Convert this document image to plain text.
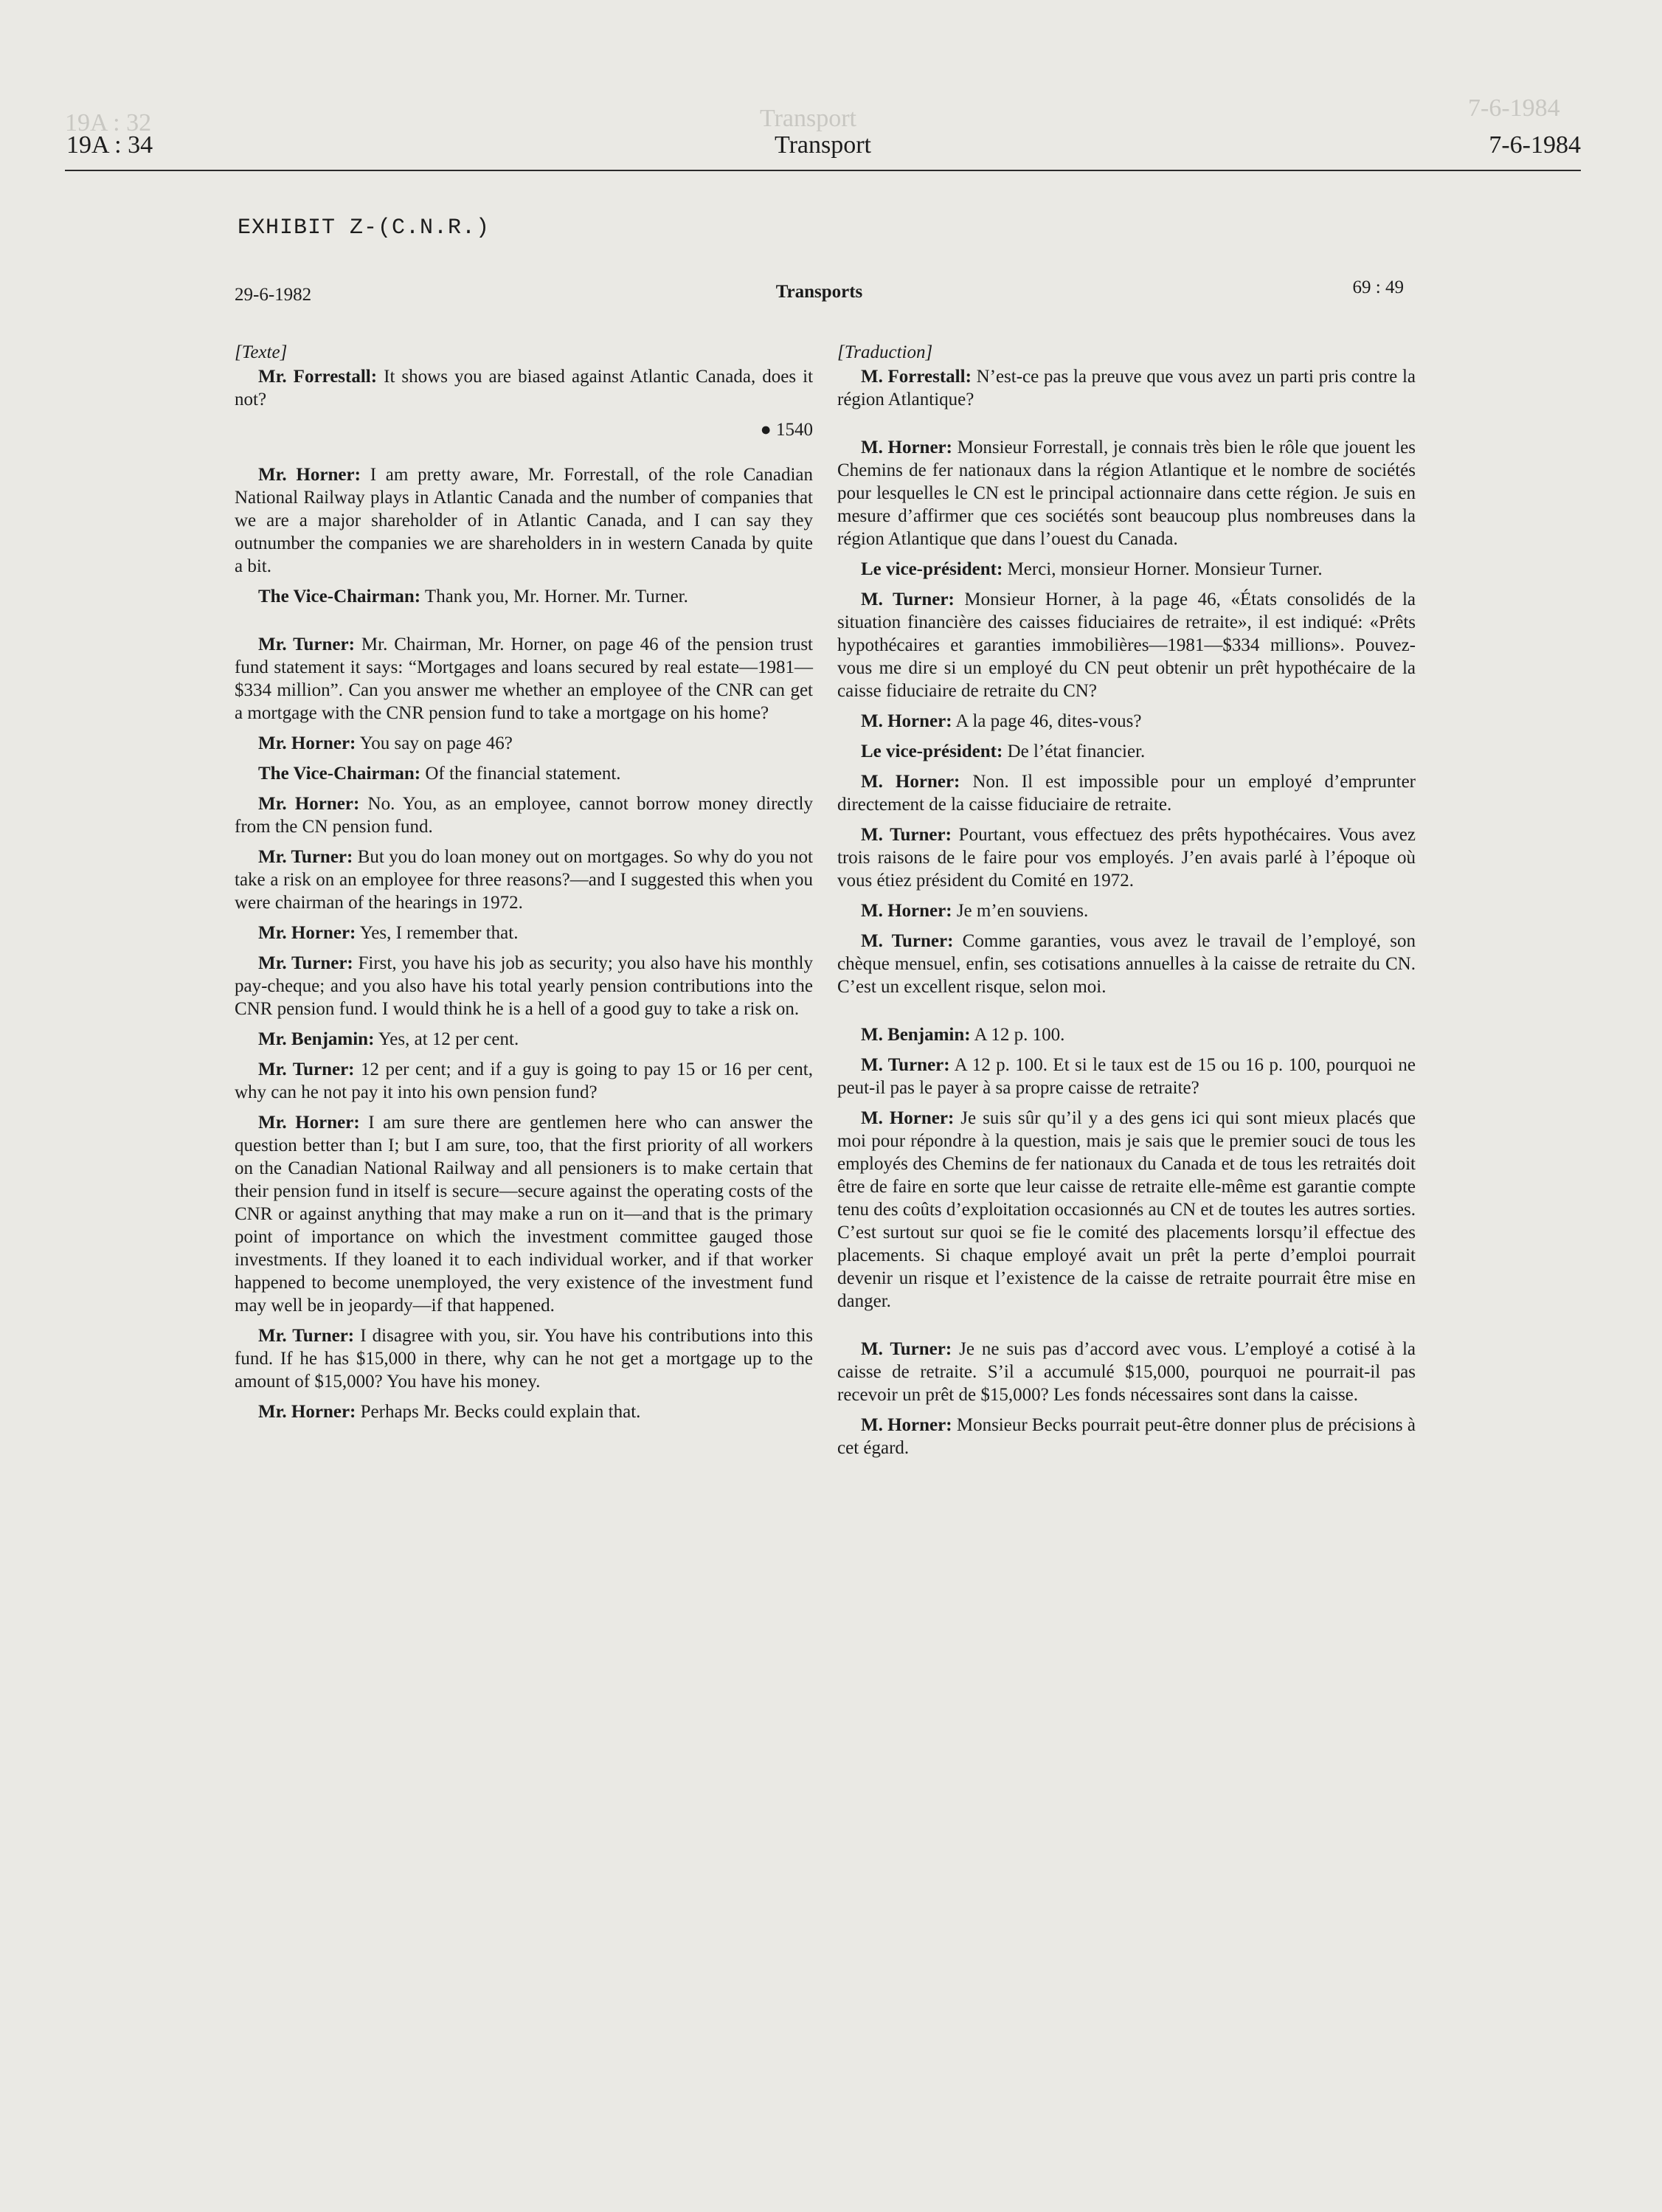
19A : 32	Transport	7-6-1984
19A : 34	Transport	7-6-1984
EXHIBIT Z-(C.N.R.)
29-6-1982	Transports	69 : 49
[Texte]

Mr. Forrestall: It shows you are biased against Atlantic Canada, does it not?

● 1540

Mr. Horner: I am pretty aware, Mr. Forrestall, of the role Canadian National Railway plays in Atlantic Canada and the number of companies that we are a major shareholder of in Atlantic Canada, and I can say they outnumber the companies we are shareholders in in western Canada by quite a bit.

The Vice-Chairman: Thank you, Mr. Horner. Mr. Turner.

Mr. Turner: Mr. Chairman, Mr. Horner, on page 46 of the pension trust fund statement it says: “Mortgages and loans secured by real estate—1981— $334 million”. Can you answer me whether an employee of the CNR can get a mortgage with the CNR pension fund to take a mortgage on his home?

Mr. Horner: You say on page 46?

The Vice-Chairman: Of the financial statement.

Mr. Horner: No. You, as an employee, cannot borrow money directly from the CN pension fund.

Mr. Turner: But you do loan money out on mortgages. So why do you not take a risk on an employee for three reasons?—and I suggested this when you were chairman of the hearings in 1972.

Mr. Horner: Yes, I remember that.

Mr. Turner: First, you have his job as security; you also have his monthly pay-cheque; and you also have his total yearly pension contributions into the CNR pension fund. I would think he is a hell of a good guy to take a risk on.

Mr. Benjamin: Yes, at 12 per cent.

Mr. Turner: 12 per cent; and if a guy is going to pay 15 or 16 per cent, why can he not pay it into his own pension fund?

Mr. Horner: I am sure there are gentlemen here who can answer the question better than I; but I am sure, too, that the first priority of all workers on the Canadian National Railway and all pensioners is to make certain that their pension fund in itself is secure—secure against the operating costs of the CNR or against anything that may make a run on it—and that is the primary point of importance on which the investment committee gauged those investments. If they loaned it to each individual worker, and if that worker happened to become unemployed, the very existence of the investment fund may well be in jeopardy—if that happened.

Mr. Turner: I disagree with you, sir. You have his contributions into this fund. If he has $15,000 in there, why can he not get a mortgage up to the amount of $15,000? You have his money.

Mr. Horner: Perhaps Mr. Becks could explain that.

[Traduction]

M. Forrestall: N’est-ce pas la preuve que vous avez un parti pris contre la région Atlantique?

M. Horner: Monsieur Forrestall, je connais très bien le rôle que jouent les Chemins de fer nationaux dans la région Atlantique et le nombre de sociétés pour lesquelles le CN est le principal actionnaire dans cette région. Je suis en mesure d’affirmer que ces sociétés sont beaucoup plus nombreuses dans la région Atlantique que dans l’ouest du Canada.

Le vice-président: Merci, monsieur Horner. Monsieur Turner.

M. Turner: Monsieur Horner, à la page 46, «États consolidés de la situation financière des caisses fiduciaires de retraite», il est indiqué: «Prêts hypothécaires et garanties immobilières—1981—$334 millions». Pouvez-vous me dire si un employé du CN peut obtenir un prêt hypothécaire de la caisse fiduciaire de retraite du CN?

M. Horner: A la page 46, dites-vous?

Le vice-président: De l’état financier.

M. Horner: Non. Il est impossible pour un employé d’emprunter directement de la caisse fiduciaire de retraite.

M. Turner: Pourtant, vous effectuez des prêts hypothécaires. Vous avez trois raisons de le faire pour vos employés. J’en avais parlé à l’époque où vous étiez président du Comité en 1972.

M. Horner: Je m’en souviens.

M. Turner: Comme garanties, vous avez le travail de l’employé, son chèque mensuel, enfin, ses cotisations annuelles à la caisse de retraite du CN. C’est un excellent risque, selon moi.

M. Benjamin: A 12 p. 100.

M. Turner: A 12 p. 100. Et si le taux est de 15 ou 16 p. 100, pourquoi ne peut-il pas le payer à sa propre caisse de retraite?

M. Horner: Je suis sûr qu’il y a des gens ici qui sont mieux placés que moi pour répondre à la question, mais je sais que le premier souci de tous les employés des Chemins de fer nationaux du Canada et de tous les retraités doit être de faire en sorte que leur caisse de retraite elle-même est garantie compte tenu des coûts d’exploitation occasionnés au CN et de toutes les autres sorties. C’est surtout sur quoi se fie le comité des placements lorsqu’il effectue des placements. Si chaque employé avait un prêt la perte d’emploi pourrait devenir un risque et l’existence de la caisse de retraite pourrait être mise en danger.

M. Turner: Je ne suis pas d’accord avec vous. L’employé a cotisé à la caisse de retraite. S’il a accumulé $15,000, pourquoi ne pourrait-il pas recevoir un prêt de $15,000? Les fonds nécessaires sont dans la caisse.

M. Horner: Monsieur Becks pourrait peut-être donner plus de précisions à cet égard.
